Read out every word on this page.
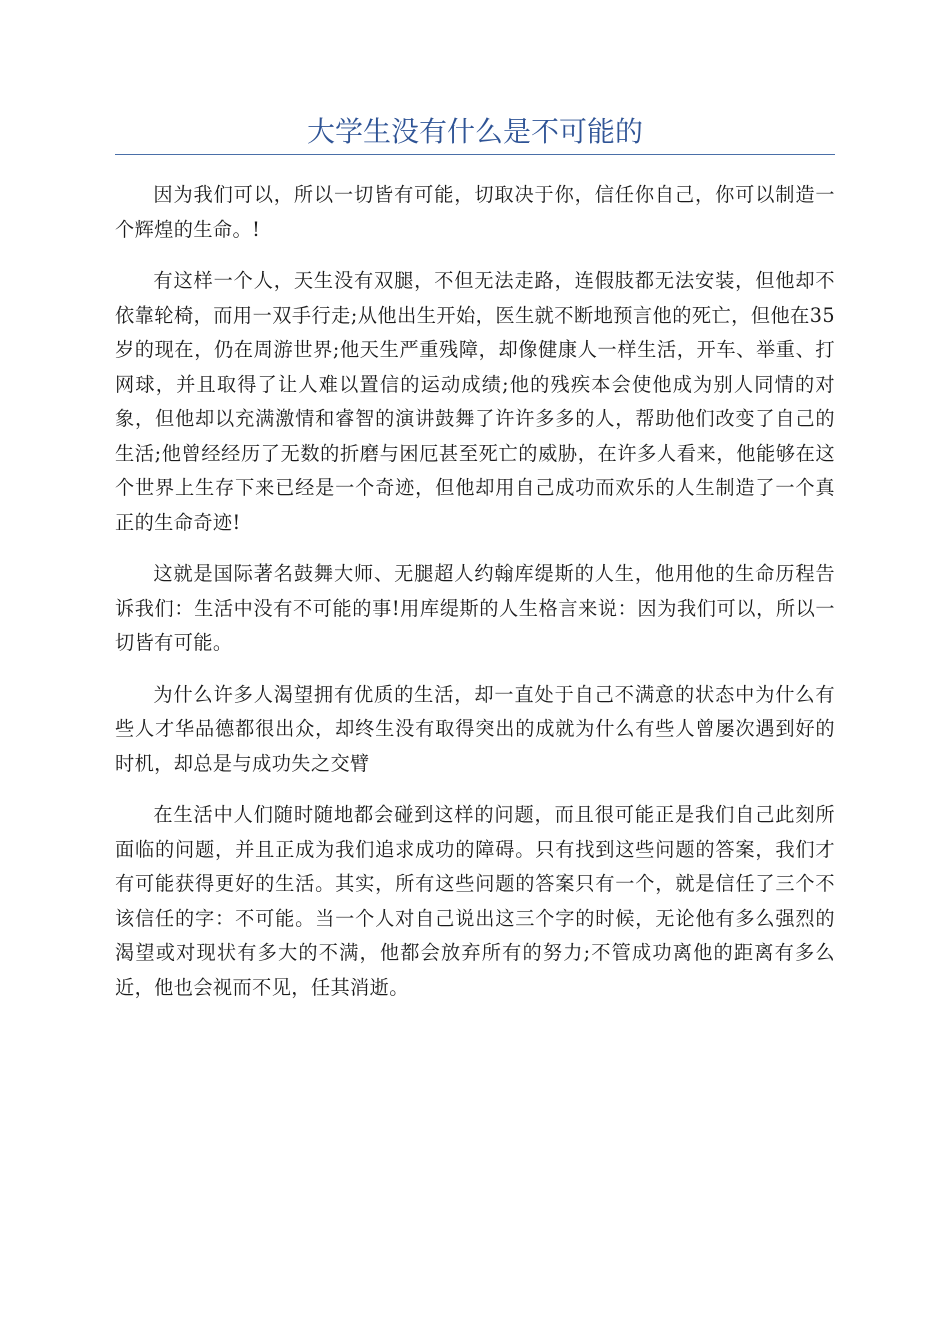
大学生没有什么是不可能的

因为我们可以，所以一切皆有可能，切取决于你，信任你自己，你可以制造一个辉煌的生命。!

有这样一个人，天生没有双腿，不但无法走路，连假肢都无法安装，但他却不依靠轮椅，而用一双手行走;从他出生开始，医生就不断地预言他的死亡，但他在35岁的现在，仍在周游世界;他天生严重残障，却像健康人一样生活，开车、举重、打网球，并且取得了让人难以置信的运动成绩;他的残疾本会使他成为别人同情的对象，但他却以充满激情和睿智的演讲鼓舞了许许多多的人，帮助他们改变了自己的生活;他曾经经历了无数的折磨与困厄甚至死亡的威胁，在许多人看来，他能够在这个世界上生存下来已经是一个奇迹，但他却用自己成功而欢乐的人生制造了一个真正的生命奇迹!

这就是国际著名鼓舞大师、无腿超人约翰库缇斯的人生，他用他的生命历程告诉我们：生活中没有不可能的事!用库缇斯的人生格言来说：因为我们可以，所以一切皆有可能。

为什么许多人渴望拥有优质的生活，却一直处于自己不满意的状态中为什么有些人才华品德都很出众，却终生没有取得突出的成就为什么有些人曾屡次遇到好的时机，却总是与成功失之交臂

在生活中人们随时随地都会碰到这样的问题，而且很可能正是我们自己此刻所面临的问题，并且正成为我们追求成功的障碍。只有找到这些问题的答案，我们才有可能获得更好的生活。其实，所有这些问题的答案只有一个，就是信任了三个不该信任的字：不可能。当一个人对自己说出这三个字的时候，无论他有多么强烈的渴望或对现状有多大的不满，他都会放弃所有的努力;不管成功离他的距离有多么近，他也会视而不见，任其消逝。
